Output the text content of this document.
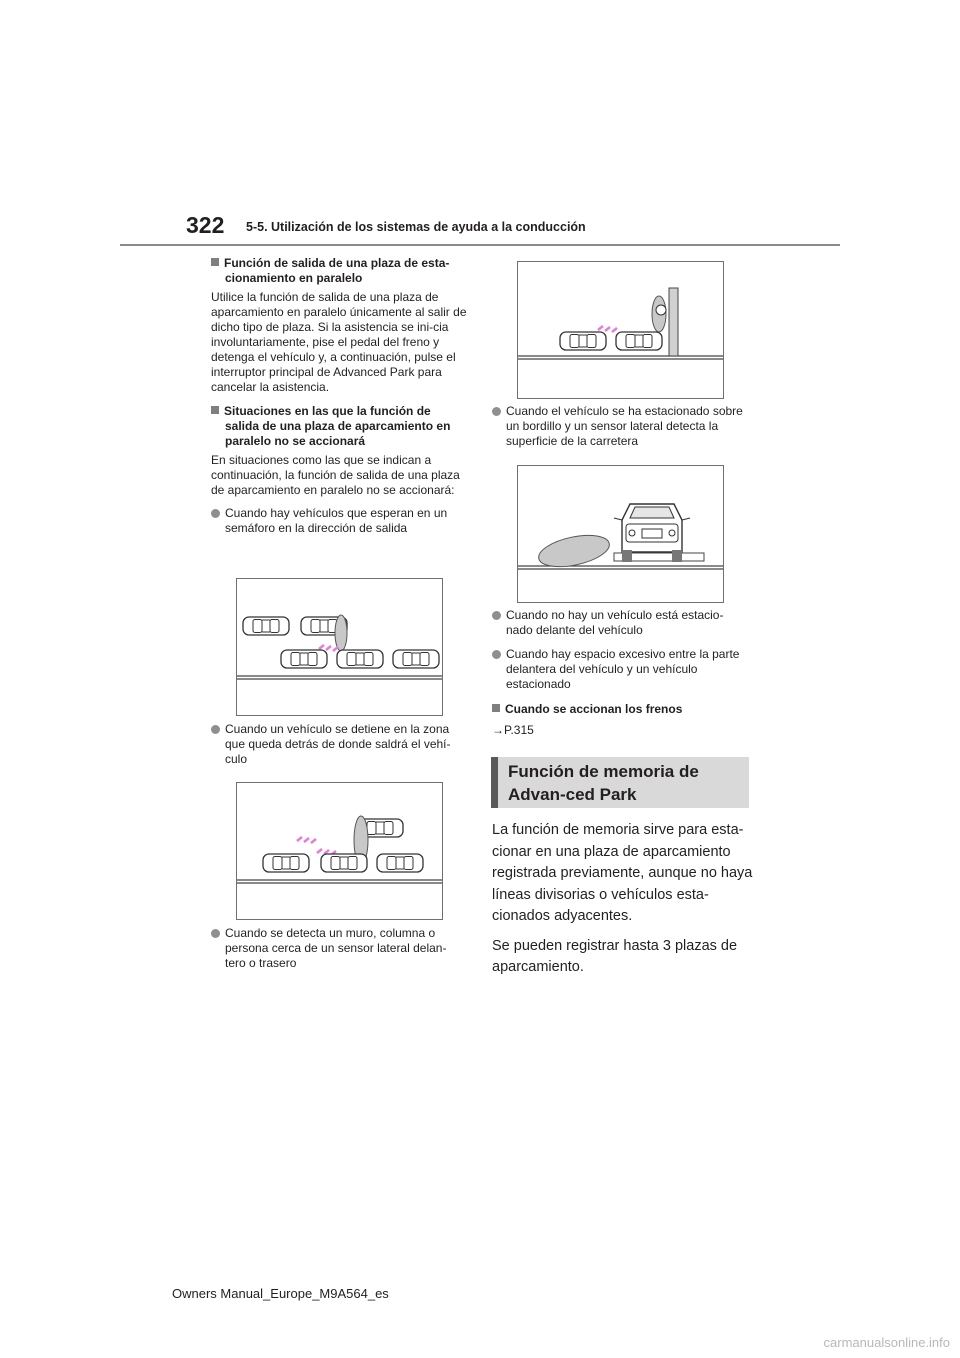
322 5-5. Utilización de los sistemas de ayuda a la conducción

Función de salida de una plaza de esta-cionamiento en paralelo

Utilice la función de salida de una plaza de aparcamiento en paralelo únicamente al salir de dicho tipo de plaza. Si la asistencia se ini-cia involuntariamente, pise el pedal del freno y detenga el vehículo y, a continuación, pulse el interruptor principal de Advanced Park para cancelar la asistencia.

Situaciones en las que la función de salida de una plaza de aparcamiento en paralelo no se accionará

En situaciones como las que se indican a continuación, la función de salida de una plaza de aparcamiento en paralelo no se accionará:

Cuando hay vehículos que esperan en un semáforo en la dirección de salida

Cuando un vehículo se detiene en la zona que queda detrás de donde saldrá el vehí-culo

Cuando se detecta un muro, columna o persona cerca de un sensor lateral delan-tero o trasero

Cuando el vehículo se ha estacionado sobre un bordillo y un sensor lateral detecta la superficie de la carretera

Cuando no hay un vehículo está estacio-nado delante del vehículo

Cuando hay espacio excesivo entre la parte delantera del vehículo y un vehículo estacionado

Cuando se accionan los frenos

→P.315

Función de memoria de Advan-ced Park

La función de memoria sirve para esta-cionar en una plaza de aparcamiento registrada previamente, aunque no haya líneas divisorias o vehículos esta-cionados adyacentes.

Se pueden registrar hasta 3 plazas de aparcamiento.

Owners Manual_Europe_M9A564_es
carmanualsonline.info
